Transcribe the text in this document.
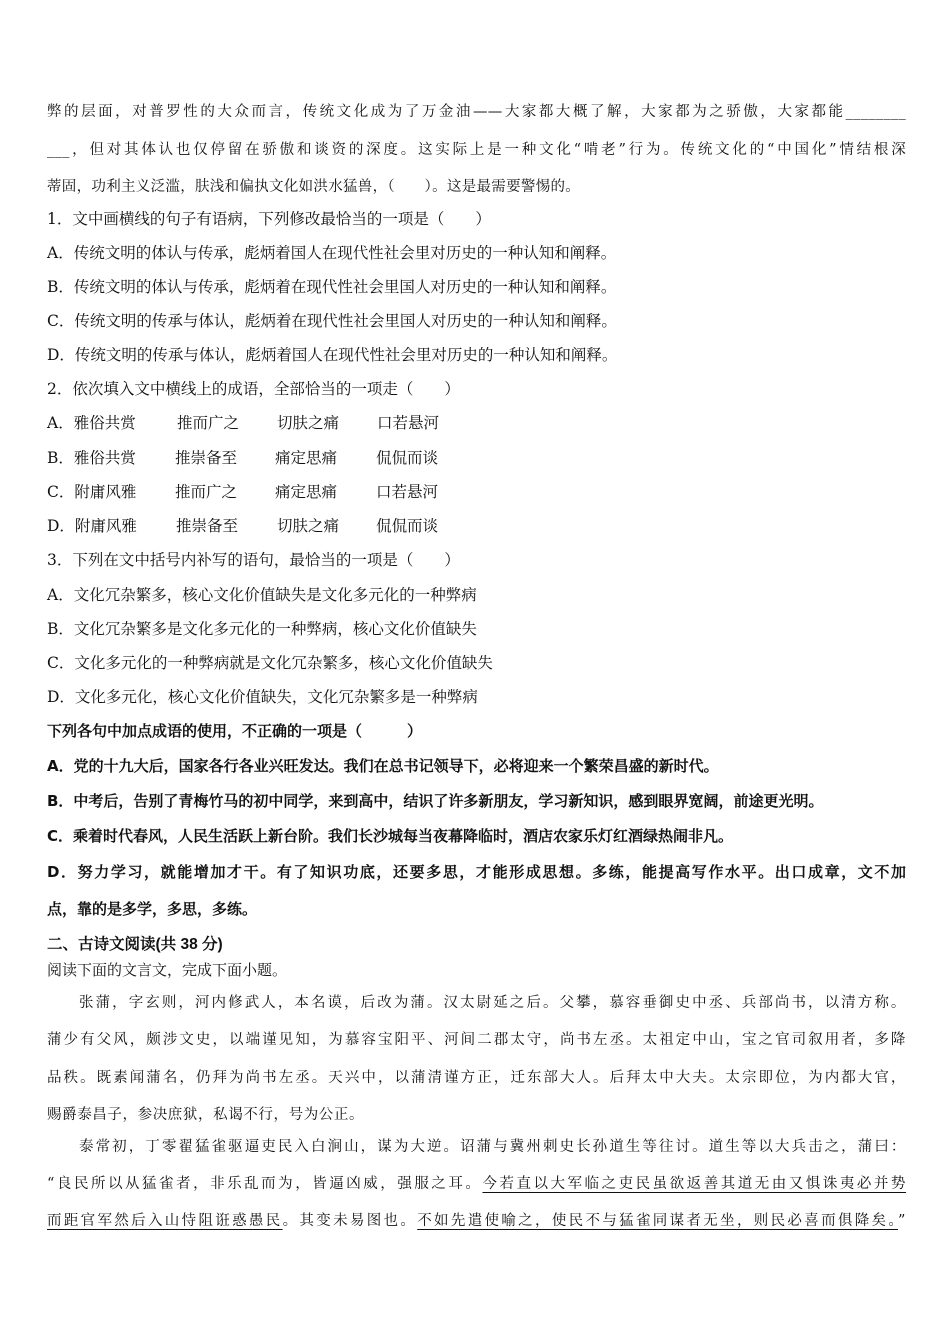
弊的层面，对普罗性的大众而言，传统文化成为了万金油——大家都大概了解，大家都为之骄傲，大家都能________
___，但对其体认也仅停留在骄傲和谈资的深度。这实际上是一种文化“啃老”行为。传统文化的“中国化”情结根深
蒂固，功利主义泛滥，肤浅和偏执文化如洪水猛兽，（　　）。这是最需要警惕的。
1．文中画横线的句子有语病，下列修改最恰当的一项是（　　）
A．传统文明的体认与传承，彪炳着国人在现代性社会里对历史的一种认知和阐释。
B．传统文明的体认与传承，彪炳着在现代性社会里国人对历史的一种认知和阐释。
C．传统文明的传承与体认，彪炳着在现代性社会里国人对历史的一种认知和阐释。
D．传统文明的传承与体认，彪炳着国人在现代性社会里对历史的一种认知和阐释。
2．依次填入文中横线上的成语，全部恰当的一项走（　　）
A．雅俗共赏	推而广之 切肤之痛 口若悬河
B．雅俗共赏	推崇备至 痛定思痛	侃侃而谈
C．附庸风雅 推而广之 痛定思痛	口若悬河
D．附庸风雅	推崇备至	切肤之痛 侃侃而谈
3．下列在文中括号内补写的语句，最恰当的一项是（　　）
A．文化冗杂繁多，核心文化价值缺失是文化多元化的一种弊病
B．文化冗杂繁多是文化多元化的一种弊病，核心文化价值缺失
C．文化多元化的一种弊病就是文化冗杂繁多，核心文化价值缺失
D．文化多元化，核心文化价值缺失，文化冗杂繁多是一种弊病
下列各句中加点成语的使用，不正确的一项是（　　　）
A．党的十九大后，国家各行各业兴旺发达。我们在总书记领导下，必将迎来一个繁荣昌盛的新时代。
B．中考后，告别了青梅竹马的初中同学，来到高中，结识了许多新朋友，学习新知识，感到眼界宽阔，前途更光明。
C．乘着时代春风，人民生活跃上新台阶。我们长沙城每当夜幕降临时，酒店农家乐灯红酒绿热闹非凡。
D．努力学习，就能增加才干。有了知识功底，还要多思，才能形成思想。多练，能提高写作水平。出口成章，文不加
点，靠的是多学，多思，多练。
二、古诗文阅读(共 38 分)
阅读下面的文言文，完成下面小题。
张蒲，字玄则，河内修武人，本名谟，后改为蒲。汉太尉延之后。父攀，慕容垂御史中丞、兵部尚书，以清方称。
蒲少有父风，颇涉文史，以端谨见知，为慕容宝阳平、河间二郡太守，尚书左丞。太祖定中山，宝之官司叙用者，多降
品秩。既素闻蒲名，仍拜为尚书左丞。天兴中，以蒲清谨方正，迁东部大人。后拜太中大夫。太宗即位，为内都大官，
赐爵泰昌子，参决庶狱，私谒不行，号为公正。
泰常初，丁零翟猛雀驱逼吏民入白涧山，谋为大逆。诏蒲与冀州刺史长孙道生等往讨。道生等以大兵击之，蒲曰：
“良民所以从猛雀者，非乐乱而为，皆逼凶威，强服之耳。今若直以大军临之吏民虽欲返善其道无由又惧诛夷必并势
而距官军然后入山恃阻诳惑愚民。其变未易图也。不如先遣使喻之，使民不与猛雀同谋者无坐，则民必喜而俱降矣。”
